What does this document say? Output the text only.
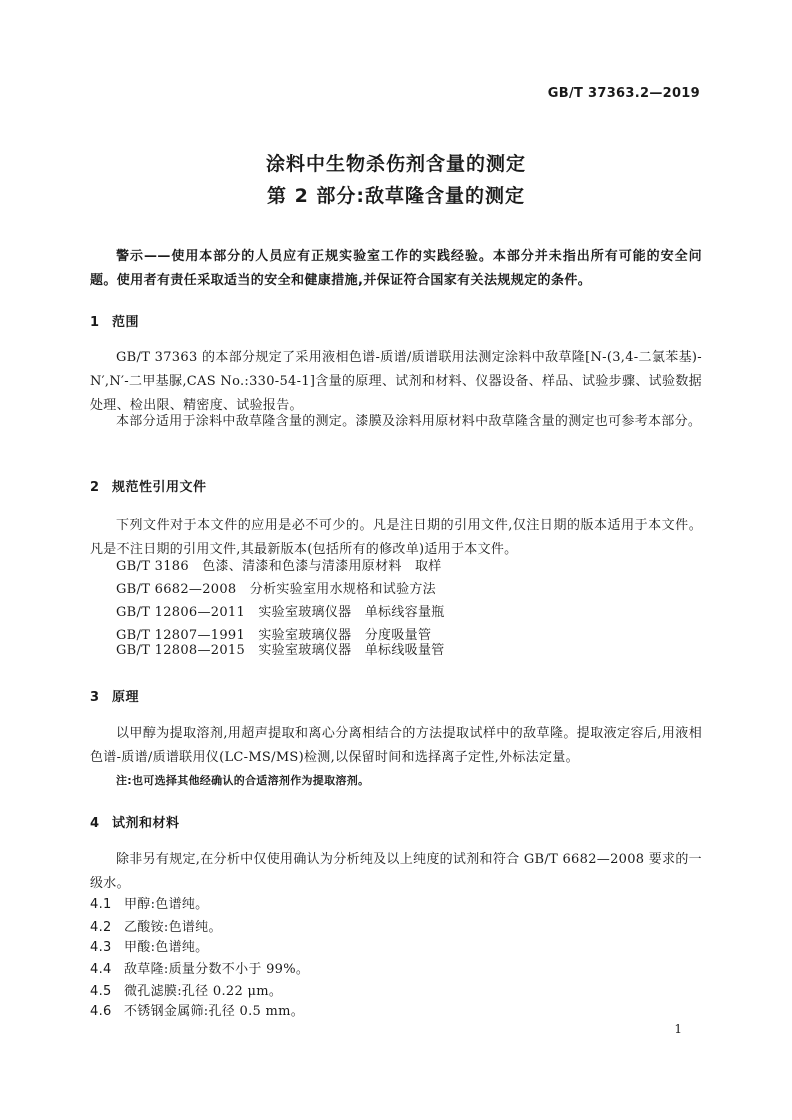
GB/T 37363.2—2019
涂料中生物杀伤剂含量的测定
第 2 部分:敌草隆含量的测定
警示——使用本部分的人员应有正规实验室工作的实践经验。本部分并未指出所有可能的安全问题。使用者有责任采取适当的安全和健康措施,并保证符合国家有关法规规定的条件。
1 范围
GB/T 37363 的本部分规定了采用液相色谱-质谱/质谱联用法测定涂料中敌草隆[N-(3,4-二氯苯基)-N′,N′-二甲基脲,CAS No.:330-54-1]含量的原理、试剂和材料、仪器设备、样品、试验步骤、试验数据处理、检出限、精密度、试验报告。
本部分适用于涂料中敌草隆含量的测定。漆膜及涂料用原材料中敌草隆含量的测定也可参考本部分。
2 规范性引用文件
下列文件对于本文件的应用是必不可少的。凡是注日期的引用文件,仅注日期的版本适用于本文件。凡是不注日期的引用文件,其最新版本(包括所有的修改单)适用于本文件。
GB/T 3186   色漆、清漆和色漆与清漆用原材料   取样
GB/T 6682—2008   分析实验室用水规格和试验方法
GB/T 12806—2011   实验室玻璃仪器   单标线容量瓶
GB/T 12807—1991   实验室玻璃仪器   分度吸量管
GB/T 12808—2015   实验室玻璃仪器   单标线吸量管
3 原理
以甲醇为提取溶剂,用超声提取和离心分离相结合的方法提取试样中的敌草隆。提取液定容后,用液相色谱-质谱/质谱联用仪(LC-MS/MS)检测,以保留时间和选择离子定性,外标法定量。
注:也可选择其他经确认的合适溶剂作为提取溶剂。
4 试剂和材料
除非另有规定,在分析中仅使用确认为分析纯及以上纯度的试剂和符合 GB/T 6682—2008 要求的一级水。
4.1 甲醇:色谱纯。
4.2 乙酸铵:色谱纯。
4.3 甲酸:色谱纯。
4.4 敌草隆:质量分数不小于 99%。
4.5 微孔滤膜:孔径 0.22 μm。
4.6 不锈钢金属筛:孔径 0.5 mm。
1
